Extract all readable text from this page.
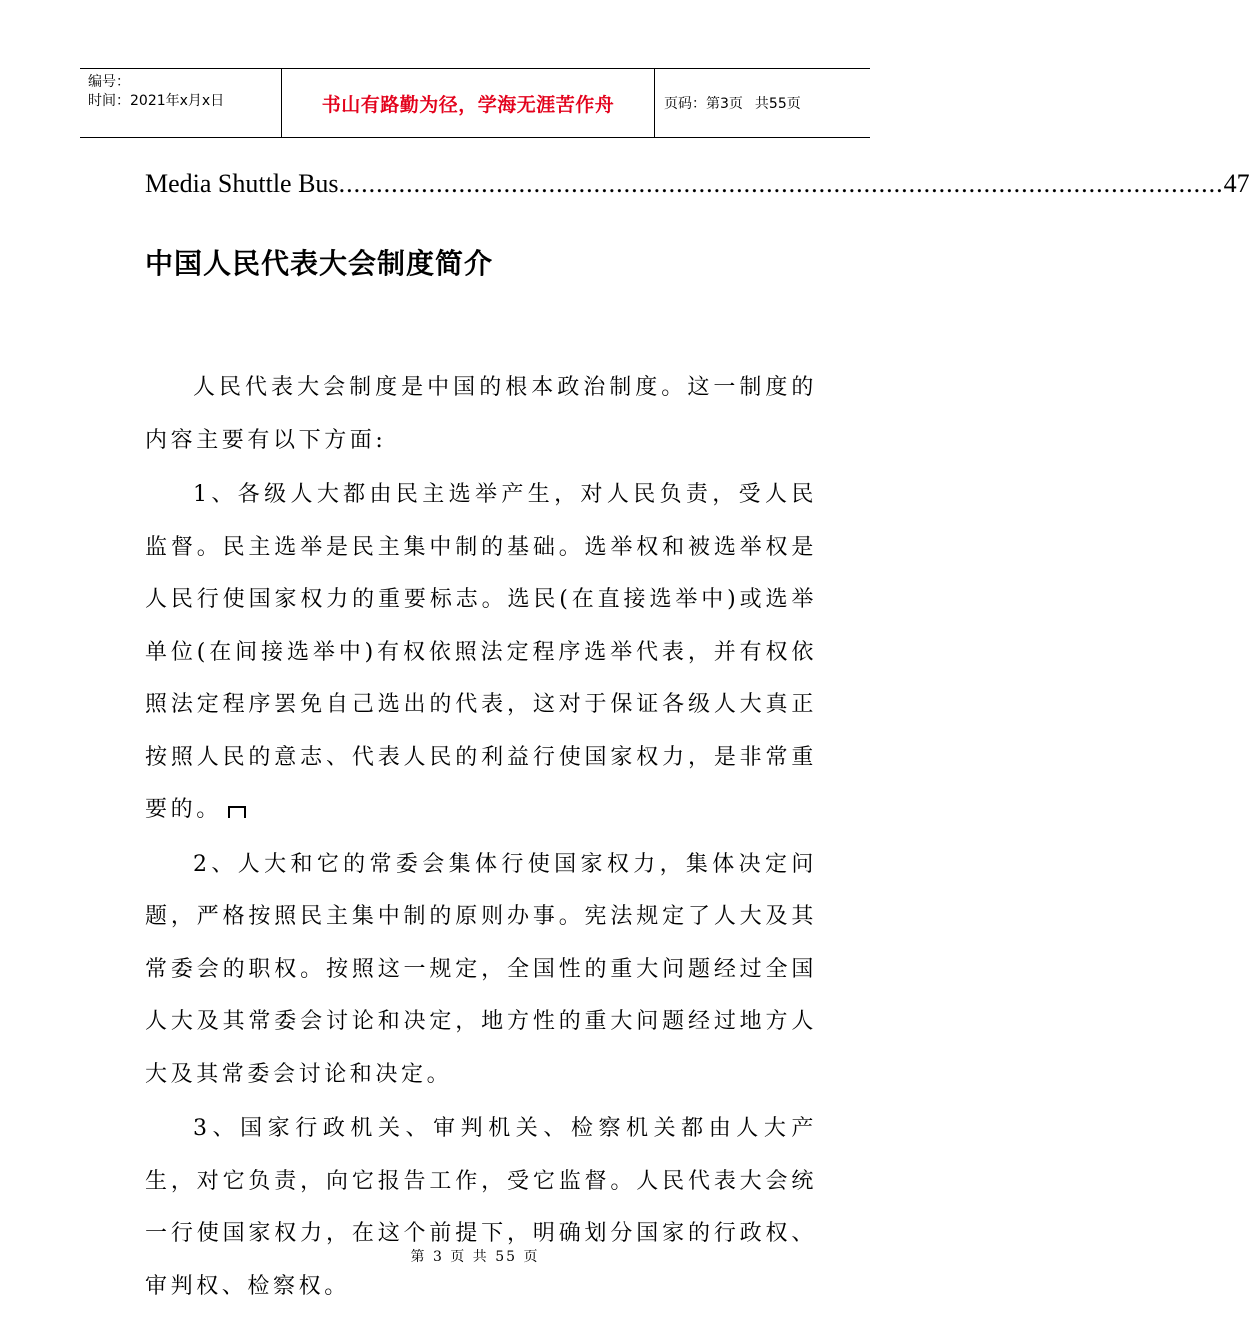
编号：
时间：2021年x月x日	书山有路勤为径，学海无涯苦作舟	页码：第3页 共55页
Media Shuttle Bus ...................................................................................................................... 47
中国人民代表大会制度简介

人民代表大会制度是中国的根本政治制度。这一制度的内容主要有以下方面:

1、各级人大都由民主选举产生，对人民负责，受人民监督。民主选举是民主集中制的基础。选举权和被选举权是人民行使国家权力的重要标志。选民(在直接选举中)或选举单位(在间接选举中)有权依照法定程序选举代表，并有权依照法定程序罢免自己选出的代表，这对于保证各级人大真正按照人民的意志、代表人民的利益行使国家权力，是非常重要的。

2、人大和它的常委会集体行使国家权力，集体决定问题，严格按照民主集中制的原则办事。宪法规定了人大及其常委会的职权。按照这一规定，全国性的重大问题经过全国人大及其常委会讨论和决定，地方性的重大问题经过地方人大及其常委会讨论和决定。

3、国家行政机关、审判机关、检察机关都由人大产生，对它负责，向它报告工作，受它监督。人民代表大会统一行使国家权力，在这个前提下，明确划分国家的行政权、审判权、检察权。

第 3 页 共 55 页
